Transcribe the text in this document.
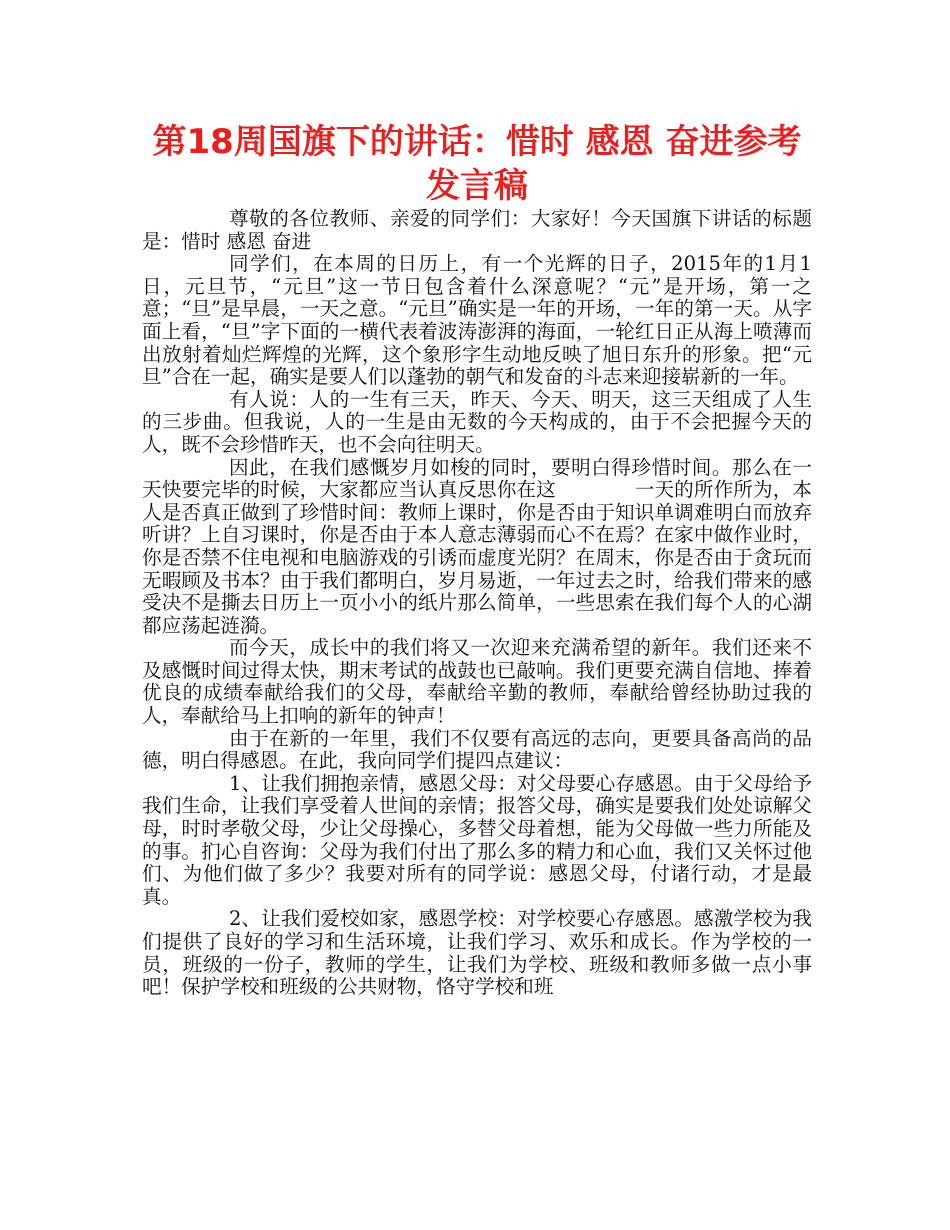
第18周国旗下的讲话：惜时 感恩 奋进参考发言稿

尊敬的各位教师、亲爱的同学们：大家好！今天国旗下讲话的标题是：惜时 感恩 奋进

同学们，在本周的日历上，有一个光辉的日子，2015年的1月1日，元旦节，“元旦”这一节日包含着什么深意呢？“元”是开场，第一之意；“旦”是早晨，一天之意。“元旦”确实是一年的开场，一年的第一天。从字面上看，“旦”字下面的一横代表着波涛澎湃的海面，一轮红日正从海上喷薄而出放射着灿烂辉煌的光辉，这个象形字生动地反映了旭日东升的形象。把“元旦”合在一起，确实是要人们以蓬勃的朝气和发奋的斗志来迎接崭新的一年。

有人说：人的一生有三天，昨天、今天、明天，这三天组成了人生的三步曲。但我说，人的一生是由无数的今天构成的，由于不会把握今天的人，既不会珍惜昨天，也不会向往明天。

因此，在我们感慨岁月如梭的同时，要明白得珍惜时间。那么在一天快要完毕的时候，大家都应当认真反思你在这　　　　一天的所作所为，本人是否真正做到了珍惜时间：教师上课时，你是否由于知识单调难明白而放弃听讲？上自习课时，你是否由于本人意志薄弱而心不在焉？在家中做作业时，你是否禁不住电视和电脑游戏的引诱而虚度光阴？在周末，你是否由于贪玩而无暇顾及书本？由于我们都明白，岁月易逝，一年过去之时，给我们带来的感受决不是撕去日历上一页小小的纸片那么简单，一些思索在我们每个人的心湖都应荡起涟漪。

而今天，成长中的我们将又一次迎来充满希望的新年。我们还来不及感慨时间过得太快，期末考试的战鼓也已敲响。我们更要充满自信地、捧着优良的成绩奉献给我们的父母，奉献给辛勤的教师，奉献给曾经协助过我的人，奉献给马上扣响的新年的钟声！

由于在新的一年里，我们不仅要有高远的志向，更要具备高尚的品德，明白得感恩。在此，我向同学们提四点建议：

1、让我们拥抱亲情，感恩父母：对父母要心存感恩。由于父母给予我们生命，让我们享受着人世间的亲情；报答父母，确实是要我们处处谅解父母，时时孝敬父母，少让父母操心，多替父母着想，能为父母做一些力所能及的事。扪心自咨询：父母为我们付出了那么多的精力和心血，我们又关怀过他们、为他们做了多少？我要对所有的同学说：感恩父母，付诸行动，才是最真。

2、让我们爱校如家，感恩学校：对学校要心存感恩。感激学校为我们提供了良好的学习和生活环境，让我们学习、欢乐和成长。作为学校的一员，班级的一份子，教师的学生，让我们为学校、班级和教师多做一点小事吧！保护学校和班级的公共财物，恪守学校和班
